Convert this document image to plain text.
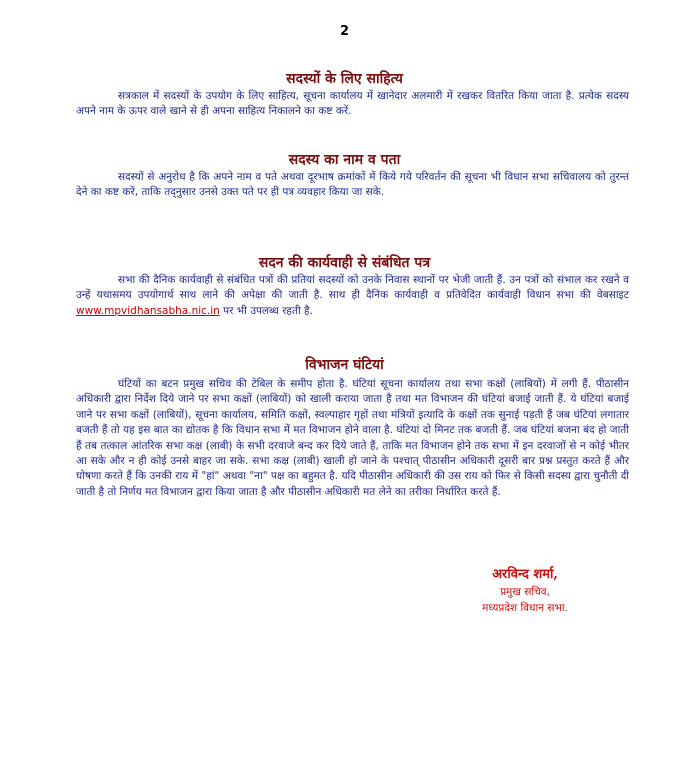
2
सदस्यों के लिए साहित्य
सत्रकाल में सदस्यों के उपयोग के लिए साहित्य, सूचना कार्यालय में खानेदार अलमारी में रखकर वितरित किया जाता है. प्रत्येक सदस्य अपने नाम के ऊपर वाले खाने से ही अपना साहित्य निकालने का कष्ट करें.
सदस्य का नाम व पता
सदस्यों से अनुरोध है कि अपने नाम व पते अथवा दूरभाष क्रमांकों में किये गये परिवर्तन की सूचना भी विधान सभा सचिवालय को तुरन्त देने का कष्ट करें, ताकि तद्नुसार उनसे उक्त पते पर ही पत्र व्यवहार किया जा सके.
सदन की कार्यवाही से संबंधित पत्र
सभा की दैनिक कार्यवाही से संबंधित पत्रों की प्रतियां सदस्यों को उनके निवास स्थानों पर भेजी जाती हैं. उन पत्रों को संभाल कर रखने व उन्हें यथासमय उपयोगार्थ साथ लाने की अपेक्षा की जाती है. साथ ही दैनिक कार्यवाही व प्रतिवेदित कार्यवाही विधान सभा की वेबसाइट www.mpvidhansabha.nic.in पर भी उपलब्ध रहती है.
विभाजन घंटियां
घंटियों का बटन प्रमुख सचिव की टेबिल के समीप होता है. घंटियां सूचना कार्यालय तथा सभा कक्षों (लाबियों) में लगी हैं. पीठासीन अधिकारी द्वारा निर्देश दिये जाने पर सभा कक्षों (लाबियों) को खाली कराया जाता है तथा मत विभाजन की घंटियां बजाई जाती हैं. ये घंटियां बजाई जाने पर सभा कक्षों (लाबियों), सूचना कार्यालय, समिति कक्षों, स्वल्पाहार गृहों तथा मंत्रियों इत्यादि के कक्षों तक सुनाई पड़ती हैं जब घंटियां लगातार बजती हैं तो यह इस बात का द्योतक है कि विधान सभा में मत विभाजन होने वाला है. घंटियां दो मिनट तक बजती हैं. जब घंटियां बजना बंद हो जाती हैं तब तत्काल आंतरिक सभा कक्ष (लाबी) के सभी दरवाजे बन्द कर दिये जाते हैं, ताकि मत विभाजन होने तक सभा में इन दरवाजों से न कोई भीतर आ सके और न ही कोई उनसे बाहर जा सके. सभा कक्ष (लाबी) खाली हो जाने के पश्चात् पीठासीन अधिकारी दूसरी बार प्रश्न प्रस्तुत करते हैं और घोषणा करते हैं कि उनकी राय में "हां" अथवा "ना" पक्ष का बहुमत है. यदि पीठासीन अधिकारी की उस राय को फिर से किसी सदस्य द्वारा चुनौती दी जाती है तो निर्णय मत विभाजन द्वारा किया जाता है और पीठासीन अधिकारी मत लेने का तरीका निर्धारित करते हैं.
अरविन्द शर्मा,
प्रमुख सचिव,
मध्यप्रदेश विधान सभा.
